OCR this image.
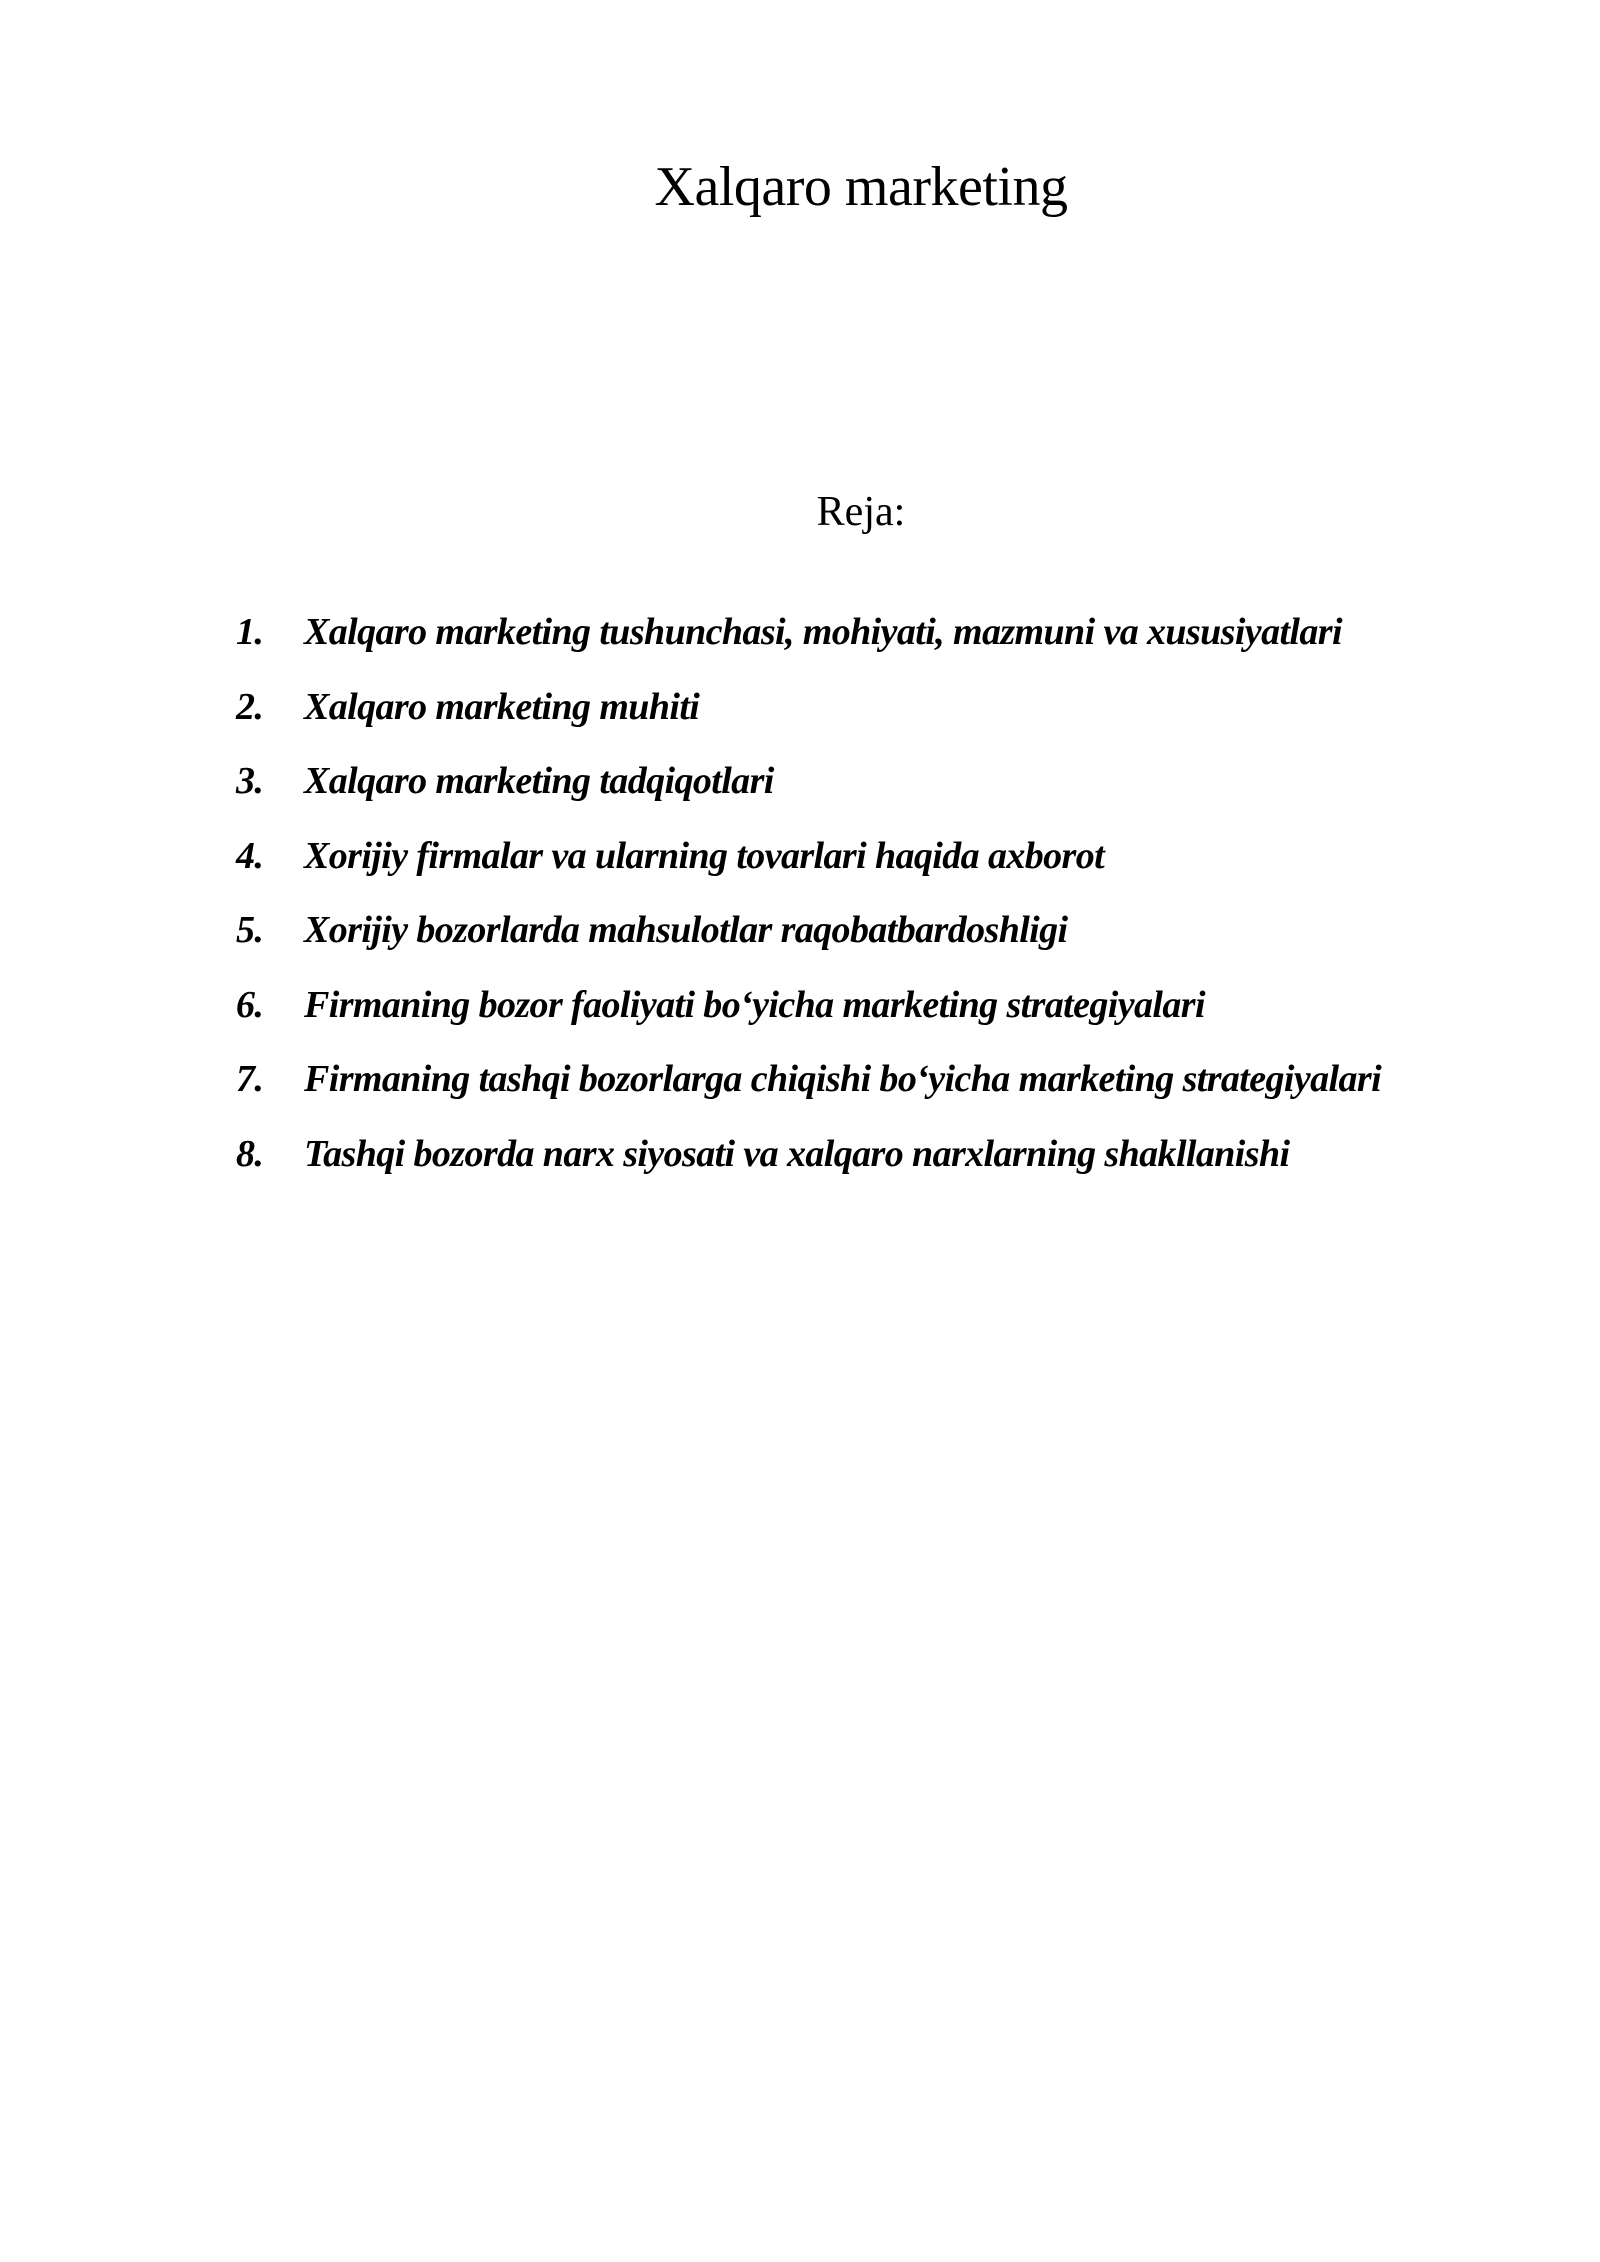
Xalqaro marketing
Reja:
1.	Xalqaro marketing tushunchasi, mohiyati, mazmuni va xususiyatlari
2.	Xalqaro marketing muhiti
3.	Xalqaro marketing tadqiqotlari
4.	Xorijiy firmalar va ularning tovarlari haqida axborot
5.	Xorijiy bozorlarda mahsulotlar raqobatbardoshligi
6.	Firmaning bozor faoliyati bo‘yicha marketing strategiyalari
7.	Firmaning tashqi bozorlarga chiqishi bo‘yicha marketing strategiyalari
8.	Tashqi bozorda narx siyosati va xalqaro narxlarning shakllanishi
